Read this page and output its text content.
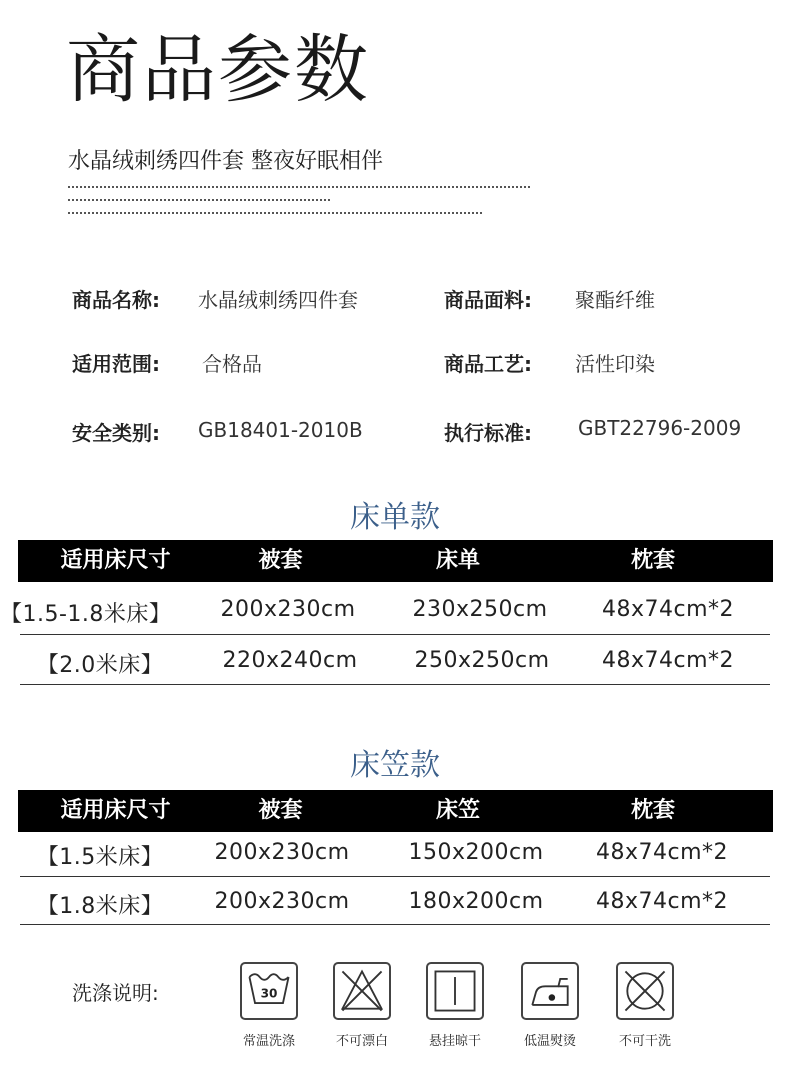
商品参数
水晶绒刺绣四件套 整夜好眠相伴
商品名称: 水晶绒刺绣四件套	商品面料: 聚酯纤维
适用范围: 合格品	商品工艺: 活性印染
安全类别: GB18401-2010B	执行标准: GBT22796-2009
床单款
适用床尺寸	被套	床单	枕套
【1.5-1.8米床】	200x230cm	230x250cm	48x74cm*2
【2.0米床】	220x240cm	250x250cm	48x74cm*2
床笠款
适用床尺寸	被套	床笠	枕套
【1.5米床】	200x230cm	150x200cm	48x74cm*2
【1.8米床】	200x230cm	180x200cm	48x74cm*2
洗涤说明:	30
常温洗涤	不可漂白	悬挂晾干	低温熨烫	不可干洗
